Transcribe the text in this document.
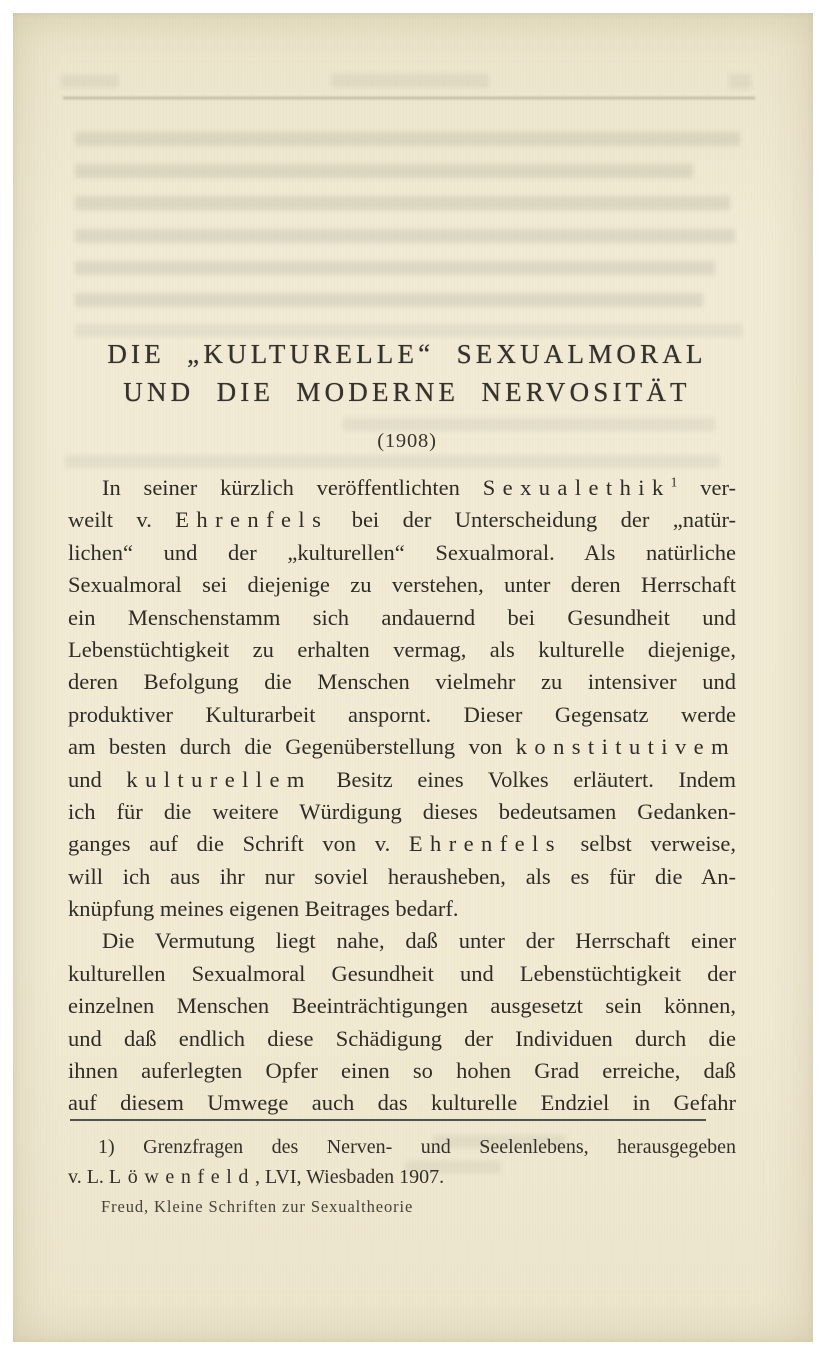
DIE „KULTURELLE“ SEXUALMORAL
UND DIE MODERNE NERVOSITÄT
(1908)
In seiner kürzlich veröffentlichten Sexualethik$^1$ ver-
weilt v. Ehrenfels bei der Unterscheidung der „natür-
lichen“ und der „kulturellen“ Sexualmoral. Als natürliche
Sexualmoral sei diejenige zu verstehen, unter deren Herrschaft
ein Menschenstamm sich andauernd bei Gesundheit und
Lebenstüchtigkeit zu erhalten vermag, als kulturelle diejenige,
deren Befolgung die Menschen vielmehr zu intensiver und
produktiver Kulturarbeit anspornt. Dieser Gegensatz werde
am besten durch die Gegenüberstellung von konstitutivem
und kulturellem Besitz eines Volkes erläutert. Indem
ich für die weitere Würdigung dieses bedeutsamen Gedanken-
ganges auf die Schrift von v. Ehrenfels selbst verweise,
will ich aus ihr nur soviel herausheben, als es für die An-
knüpfung meines eigenen Beitrages bedarf.
Die Vermutung liegt nahe, daß unter der Herrschaft einer
kulturellen Sexualmoral Gesundheit und Lebenstüchtigkeit der
einzelnen Menschen Beeinträchtigungen ausgesetzt sein können,
und daß endlich diese Schädigung der Individuen durch die
ihnen auferlegten Opfer einen so hohen Grad erreiche, daß
auf diesem Umwege auch das kulturelle Endziel in Gefahr
1) Grenzfragen des Nerven- und Seelenlebens, herausgegeben
v. L. Löwenfeld, LVI, Wiesbaden 1907.
Freud, Kleine Schriften zur Sexualtheorie
